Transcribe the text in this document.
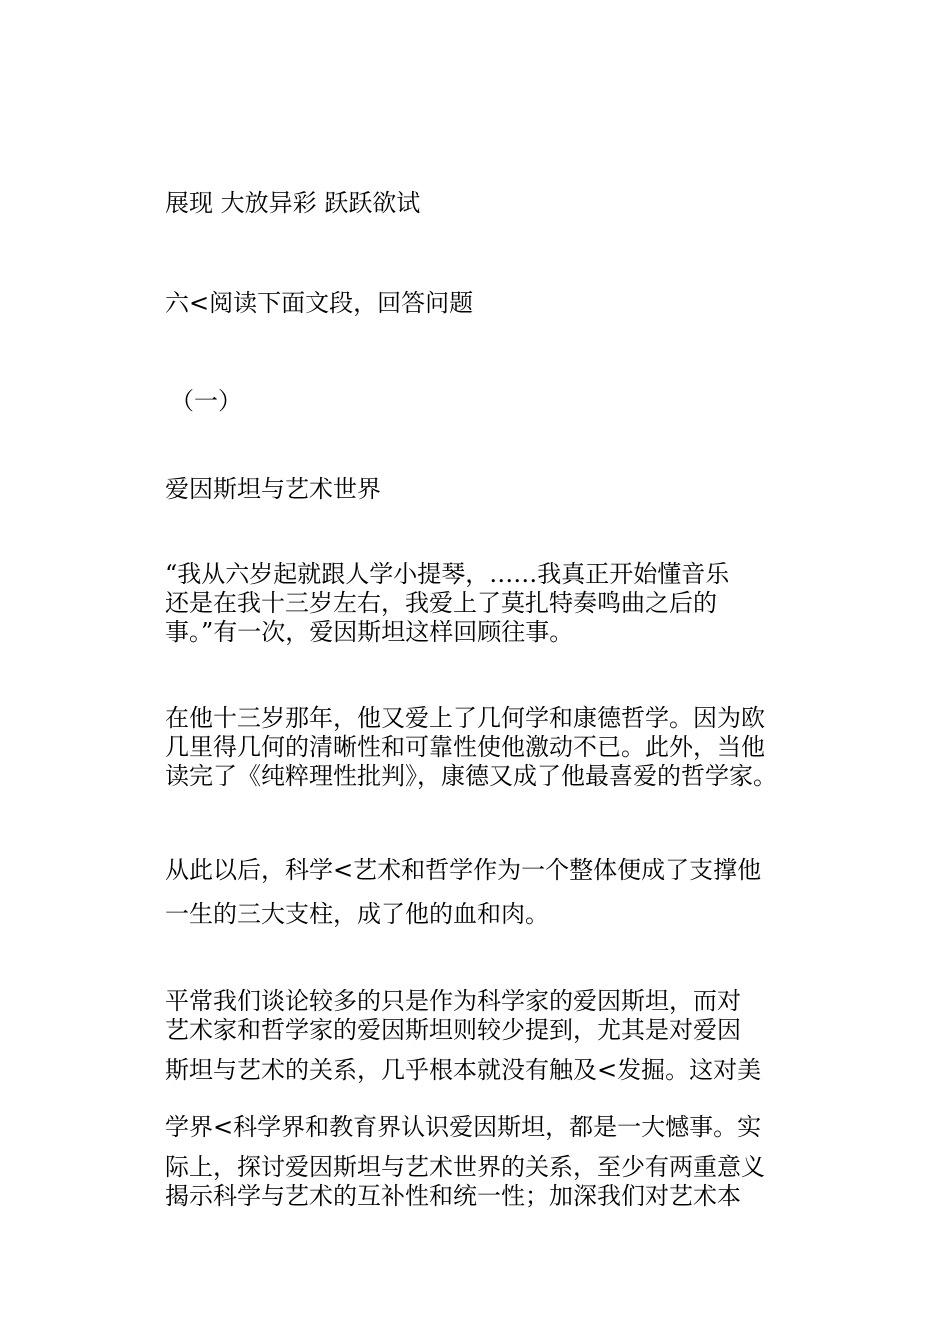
展现 大放异彩 跃跃欲试
六<阅读下面文段，回答问题
（一）
爱因斯坦与艺术世界
“我从六岁起就跟人学小提琴，……我真正开始懂音乐
还是在我十三岁左右，我爱上了莫扎特奏鸣曲之后的
事。”有一次，爱因斯坦这样回顾往事。
在他十三岁那年，他又爱上了几何学和康德哲学。因为欧
几里得几何的清晰性和可靠性使他激动不已。此外，当他
读完了《纯粹理性批判》，康德又成了他最喜爱的哲学家。
从此以后，科学<艺术和哲学作为一个整体便成了支撑他
一生的三大支柱，成了他的血和肉。
平常我们谈论较多的只是作为科学家的爱因斯坦，而对
艺术家和哲学家的爱因斯坦则较少提到，尤其是对爱因
斯坦与艺术的关系，几乎根本就没有触及<发掘。这对美
学界<科学界和教育界认识爱因斯坦，都是一大憾事。实
际上，探讨爱因斯坦与艺术世界的关系，至少有两重意义
揭示科学与艺术的互补性和统一性；加深我们对艺术本
